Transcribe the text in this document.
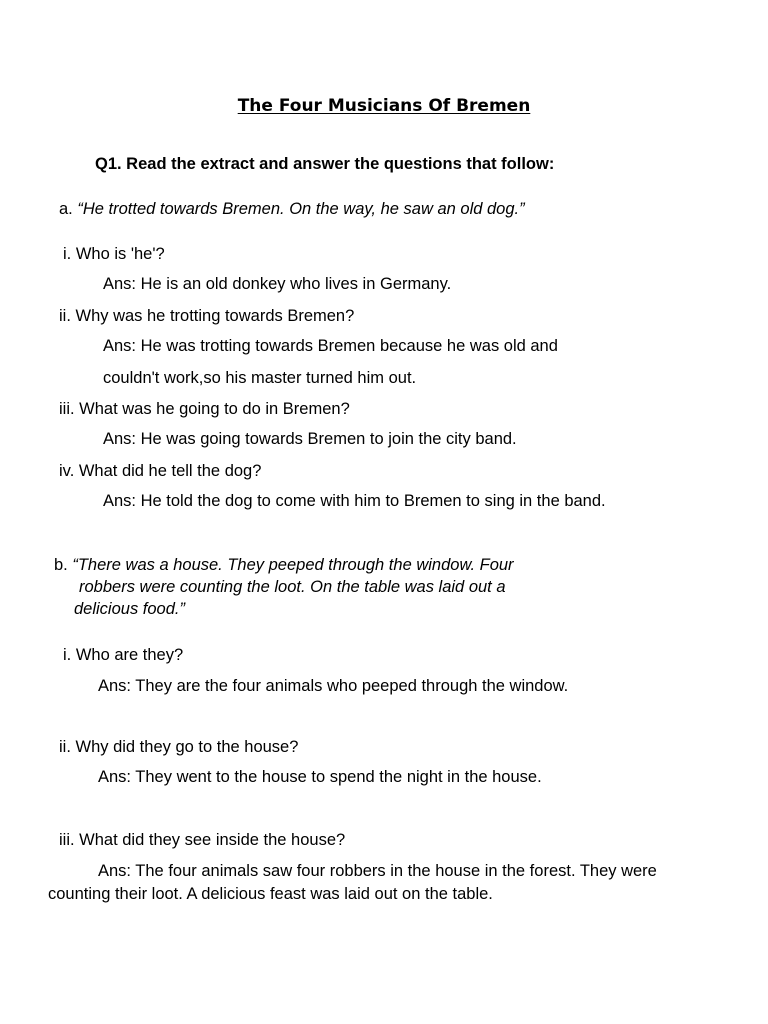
The Four Musicians Of Bremen
Q1. Read the extract and answer the questions that follow:
a. “He trotted towards Bremen. On the way, he saw an old dog.”
i. Who is 'he'?
Ans: He is an old donkey who lives in Germany.
ii. Why was he trotting towards Bremen?
Ans: He was trotting towards Bremen because he was old and
couldn't work,so his master turned him out.
iii. What was he going to do in Bremen?
Ans: He was going towards Bremen to join the city band.
iv. What did he tell the dog?
Ans: He told the dog to come with him to Bremen to sing in the band.
b. “There was a house. They peeped through the window. Four
robbers were counting the loot. On the table was laid out a
delicious food.”
i. Who are they?
Ans: They are the four animals who peeped through the window.
ii. Why did they go to the house?
Ans: They went to the house to spend the night in the house.
iii. What did they see inside the house?
Ans: The four animals saw four robbers in the house in the forest. They were
counting their loot. A delicious feast was laid out on the table.
